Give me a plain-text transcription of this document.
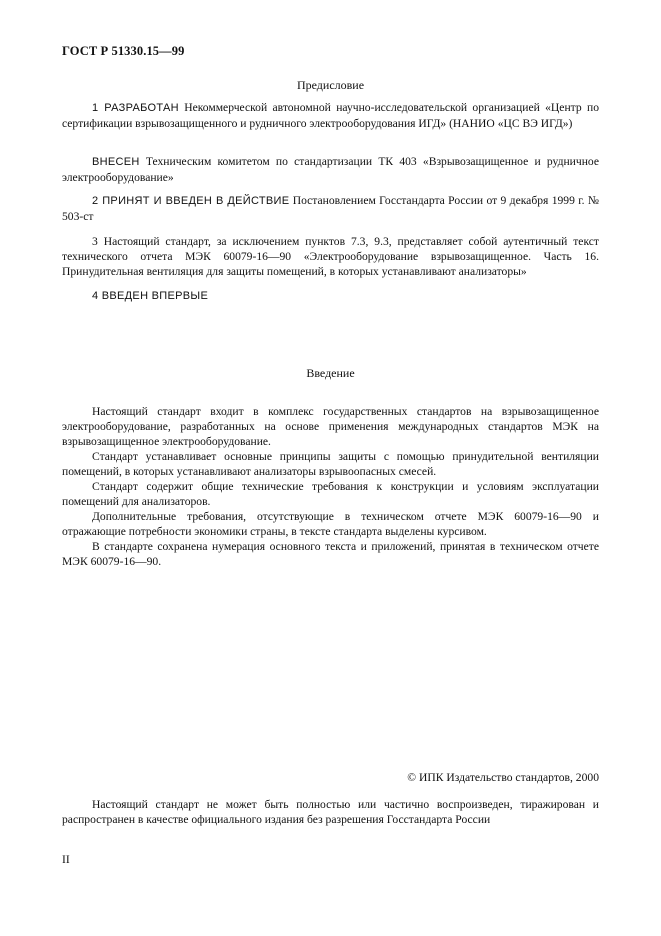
ГОСТ Р 51330.15—99
Предисловие

1 РАЗРАБОТАН Некоммерческой автономной научно-исследовательской организацией «Центр по сертификации взрывозащищенного и рудничного электрооборудования ИГД» (НАНИО «ЦС ВЭ ИГД»)

ВНЕСЕН Техническим комитетом по стандартизации ТК 403 «Взрывозащищенное и рудничное электрооборудование»

2 ПРИНЯТ И ВВЕДЕН В ДЕЙСТВИЕ Постановлением Госстандарта России от 9 декабря 1999 г. № 503-ст

3 Настоящий стандарт, за исключением пунктов 7.3, 9.3, представляет собой аутентичный текст технического отчета МЭК 60079-16—90 «Электрооборудование взрывозащищенное. Часть 16. Принудительная вентиляция для защиты помещений, в которых устанавливают анализаторы»

4 ВВЕДЕН ВПЕРВЫЕ

Введение

Настоящий стандарт входит в комплекс государственных стандартов на взрывозащищенное электрооборудование, разработанных на основе применения международных стандартов МЭК на взрывозащищенное электрооборудование.

Стандарт устанавливает основные принципы защиты с помощью принудительной вентиляции помещений, в которых устанавливают анализаторы взрывоопасных смесей.

Стандарт содержит общие технические требования к конструкции и условиям эксплуатации помещений для анализаторов.

Дополнительные требования, отсутствующие в техническом отчете МЭК 60079-16—90 и отражающие потребности экономики страны, в тексте стандарта выделены курсивом.

В стандарте сохранена нумерация основного текста и приложений, принятая в техническом отчете МЭК 60079-16—90.

© ИПК Издательство стандартов, 2000

Настоящий стандарт не может быть полностью или частично воспроизведен, тиражирован и распространен в качестве официального издания без разрешения Госстандарта России

II
